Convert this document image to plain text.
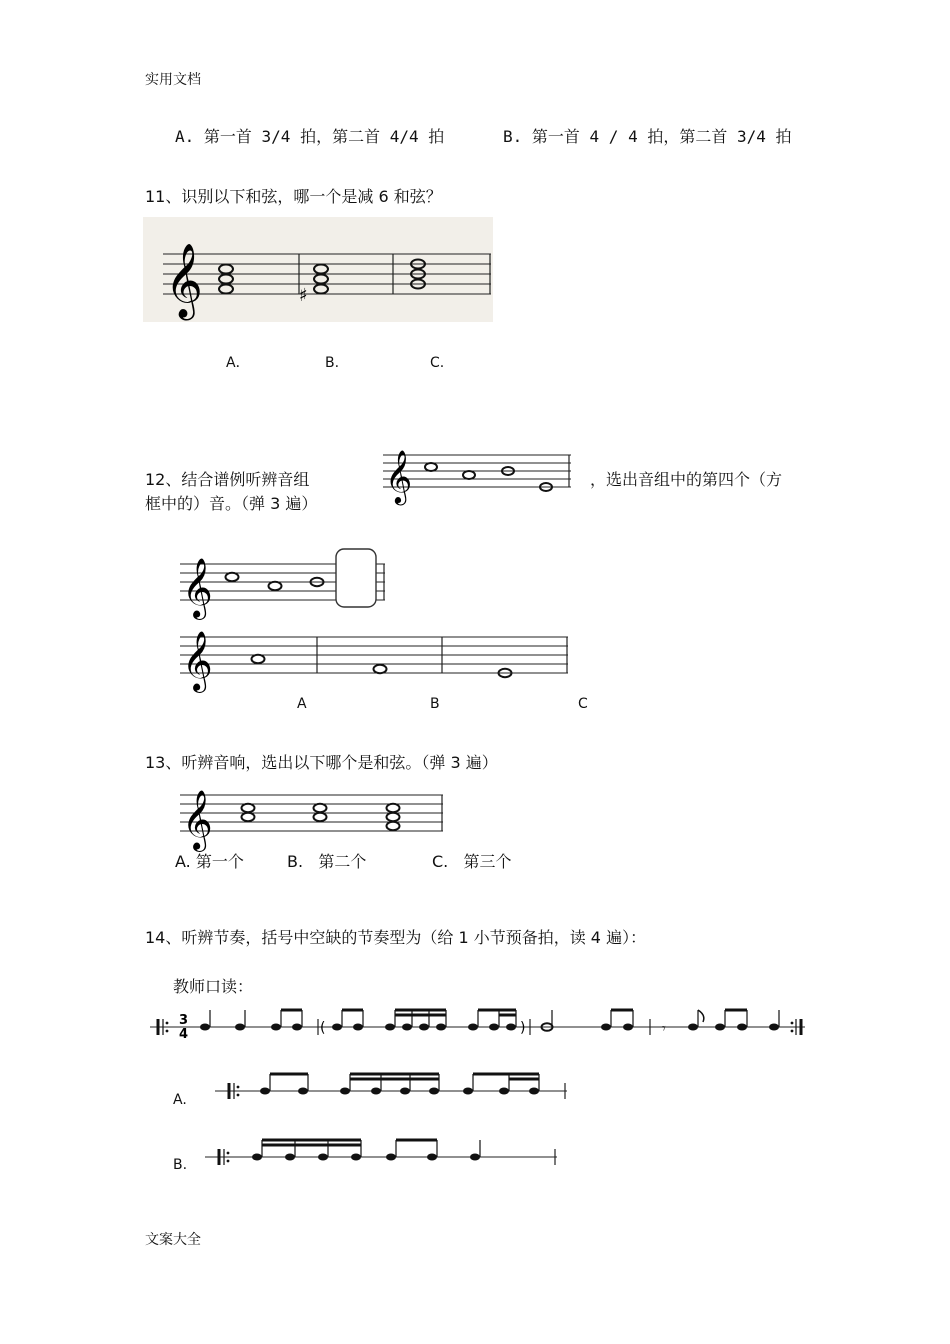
实用文档
文案大全
A. 第一首 3/4 拍，第二首 4/4 拍	B. 第一首 4 / 4 拍，第二首 3/4 拍
11、识别以下和弦，哪一个是减 6 和弦？
𝄞	♯
A．	B.	C.
12、结合谱例听辨音组 𝄞	，选出音组中的第四个（方
框中的）音。（弹 3 遍）
𝄞
𝄞
A	B	C
13、听辨音响，选出以下哪个是和弦。（弹 3 遍）
𝄞
A. 第一个	B.   第二个	C.   第三个
14、听辨节奏，括号中空缺的节奏型为（给 1 小节预备拍，读 4 遍）：
教师口读：
3
4	(	)	𝄾
A.
B.
